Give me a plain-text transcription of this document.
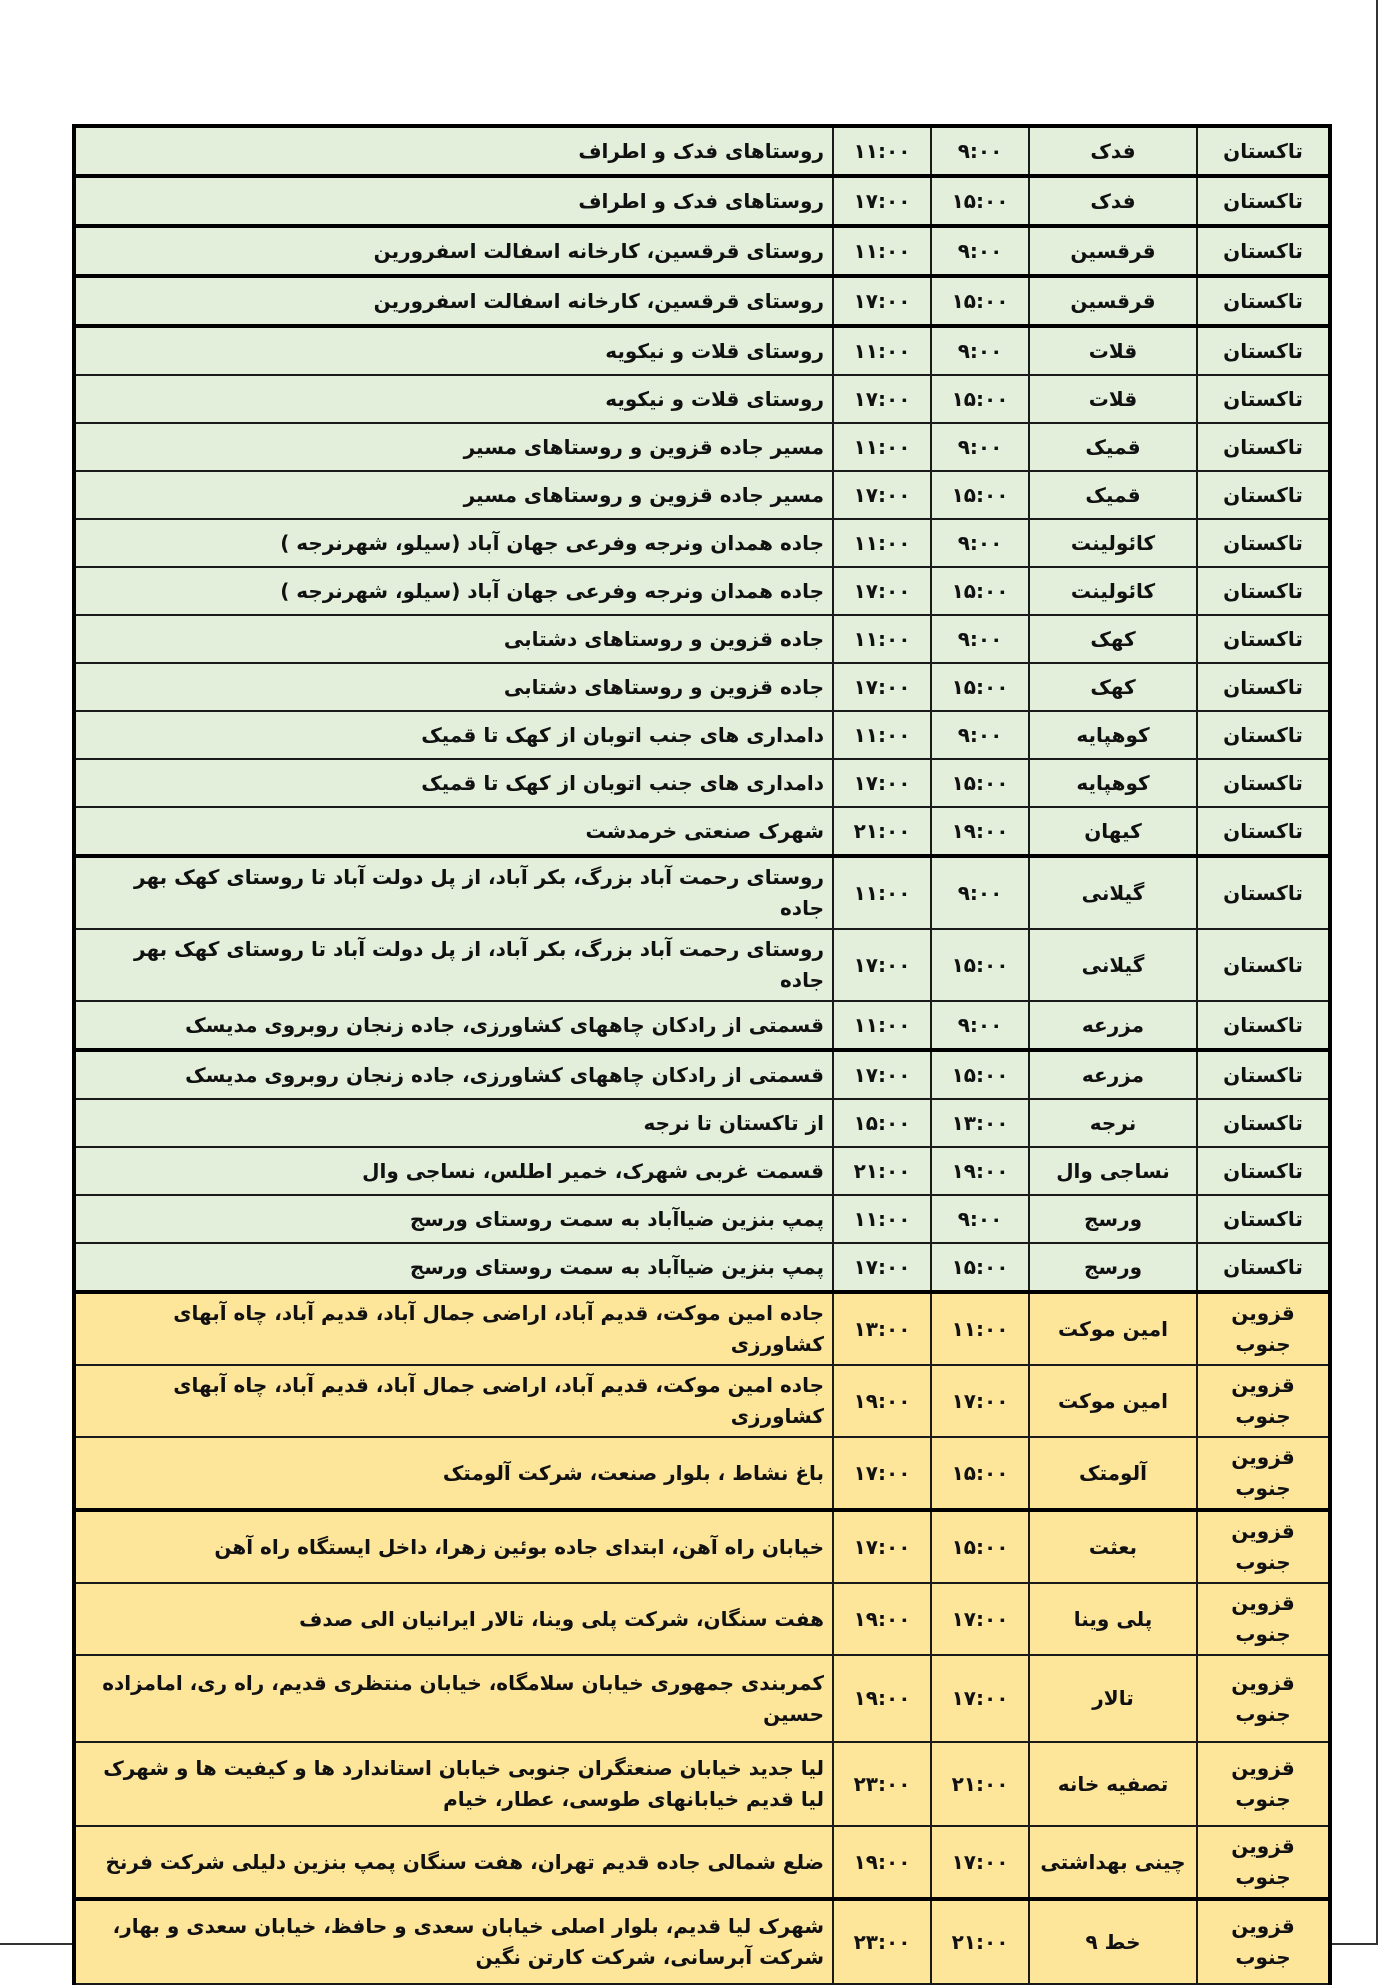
تاکستان	فدک	۹:۰۰	۱۱:۰۰	روستاهای فدک و اطراف
تاکستان	فدک	۱۵:۰۰	۱۷:۰۰	روستاهای فدک و اطراف
تاکستان	قرقسین	۹:۰۰	۱۱:۰۰	روستای قرقسین، کارخانه اسفالت اسفرورین
تاکستان	قرقسین	۱۵:۰۰	۱۷:۰۰	روستای قرقسین، کارخانه اسفالت اسفرورین
تاکستان	قلات	۹:۰۰	۱۱:۰۰	روستای قلات و نیکویه
تاکستان	قلات	۱۵:۰۰	۱۷:۰۰	روستای قلات و نیکویه
تاکستان	قمیک	۹:۰۰	۱۱:۰۰	مسیر جاده قزوین و روستاهای مسیر
تاکستان	قمیک	۱۵:۰۰	۱۷:۰۰	مسیر جاده قزوین و روستاهای مسیر
تاکستان	کائولینت	۹:۰۰	۱۱:۰۰	جاده همدان ونرجه وفرعی جهان آباد (سیلو، شهرنرجه )
تاکستان	کائولینت	۱۵:۰۰	۱۷:۰۰	جاده همدان ونرجه وفرعی جهان آباد (سیلو، شهرنرجه )
تاکستان	کهک	۹:۰۰	۱۱:۰۰	جاده قزوین و روستاهای دشتابی
تاکستان	کهک	۱۵:۰۰	۱۷:۰۰	جاده قزوین و روستاهای دشتابی
تاکستان	کوهپایه	۹:۰۰	۱۱:۰۰	دامداری های جنب اتوبان از کهک تا قمیک
تاکستان	کوهپایه	۱۵:۰۰	۱۷:۰۰	دامداری های جنب اتوبان از کهک تا قمیک
تاکستان	کیهان	۱۹:۰۰	۲۱:۰۰	شهرک صنعتی خرمدشت
تاکستان	گیلانی	۹:۰۰	۱۱:۰۰	روستای رحمت آباد بزرگ، بکر آباد، از پل دولت آباد تا روستای کهک بهر جاده
تاکستان	گیلانی	۱۵:۰۰	۱۷:۰۰	روستای رحمت آباد بزرگ، بکر آباد، از پل دولت آباد تا روستای کهک بهر جاده
تاکستان	مزرعه	۹:۰۰	۱۱:۰۰	قسمتی از رادکان چاههای کشاورزی، جاده زنجان روبروی مدیسک
تاکستان	مزرعه	۱۵:۰۰	۱۷:۰۰	قسمتی از رادکان چاههای کشاورزی، جاده زنجان روبروی مدیسک
تاکستان	نرجه	۱۳:۰۰	۱۵:۰۰	از تاکستان تا نرجه
تاکستان	نساجی وال	۱۹:۰۰	۲۱:۰۰	قسمت غربی شهرک، خمیر اطلس، نساجی وال
تاکستان	ورسج	۹:۰۰	۱۱:۰۰	پمپ بنزین ضیاآباد به سمت روستای ورسج
تاکستان	ورسج	۱۵:۰۰	۱۷:۰۰	پمپ بنزین ضیاآباد به سمت روستای ورسج
قزوین جنوب	امین موکت	۱۱:۰۰	۱۳:۰۰	جاده امین موکت، قدیم آباد، اراضی جمال آباد، قدیم آباد، چاه آبهای کشاورزی
قزوین جنوب	امین موکت	۱۷:۰۰	۱۹:۰۰	جاده امین موکت، قدیم آباد، اراضی جمال آباد، قدیم آباد، چاه آبهای کشاورزی
قزوین جنوب	آلومتک	۱۵:۰۰	۱۷:۰۰	باغ نشاط ، بلوار صنعت، شرکت آلومتک
قزوین جنوب	بعثت	۱۵:۰۰	۱۷:۰۰	خیابان راه آهن، ابتدای جاده بوئین زهرا، داخل ایستگاه راه آهن
قزوین جنوب	پلی وینا	۱۷:۰۰	۱۹:۰۰	هفت سنگان، شرکت پلی وینا، تالار ایرانیان الی صدف
قزوین جنوب	تالار	۱۷:۰۰	۱۹:۰۰	کمربندی جمهوری خیابان سلامگاه، خیابان منتظری قدیم، راه ری، امامزاده حسین
قزوین جنوب	تصفیه خانه	۲۱:۰۰	۲۳:۰۰	لیا جدید خیابان صنعتگران جنوبی خیابان استاندارد ها و کیفیت ها و شهرک لیا قدیم خیابانهای طوسی، عطار، خیام
قزوین جنوب	چینی بهداشتی	۱۷:۰۰	۱۹:۰۰	ضلع شمالی جاده قدیم تهران، هفت سنگان پمپ بنزین دلیلی شرکت فرنخ
قزوین جنوب	خط ۹	۲۱:۰۰	۲۳:۰۰	شهرک لیا قدیم، بلوار اصلی خیابان سعدی و حافظ، خیابان سعدی و بهار، شرکت آبرسانی، شرکت کارتن نگین
